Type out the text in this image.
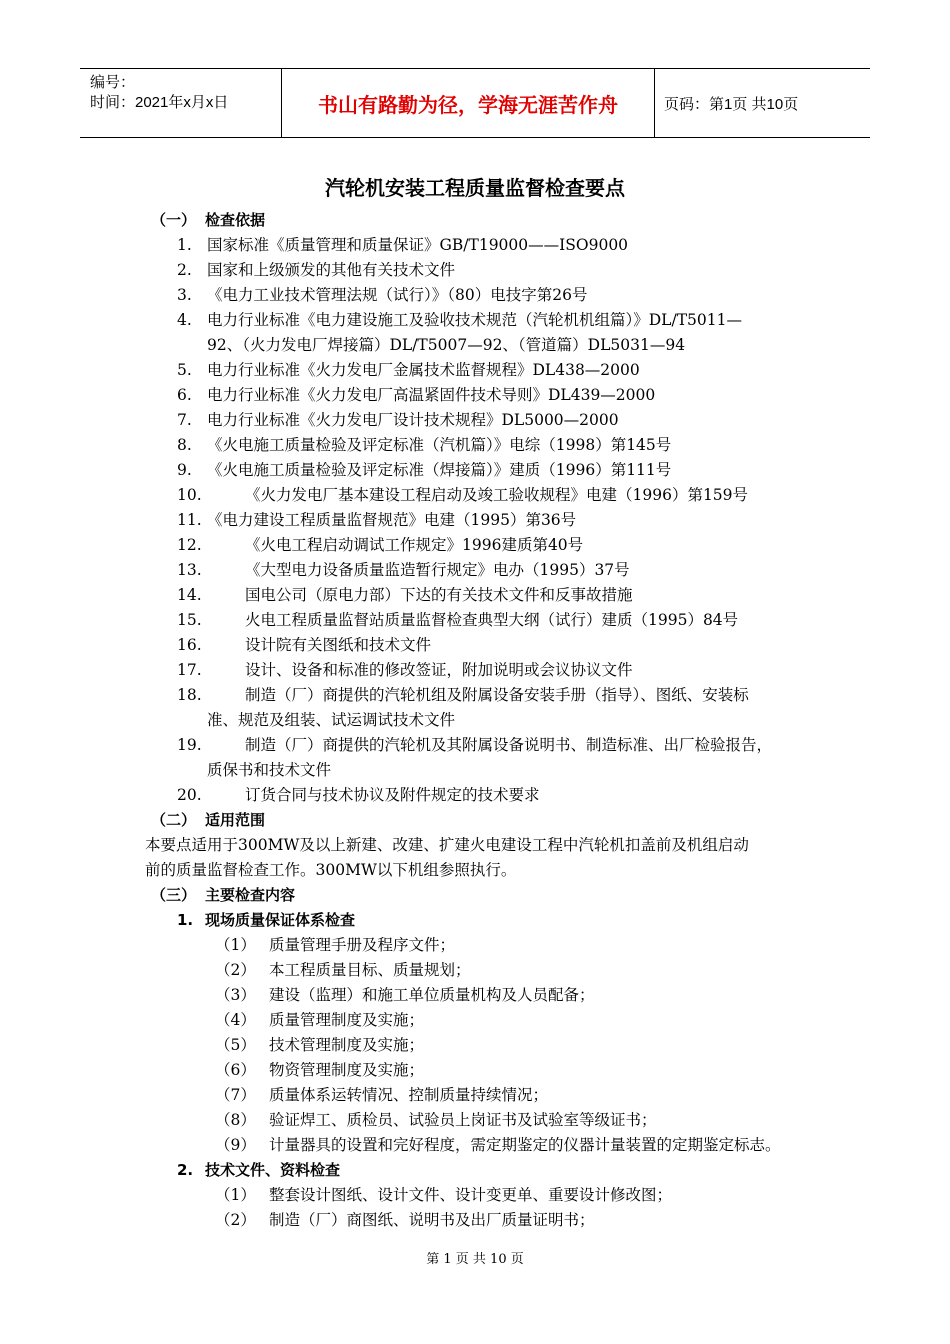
编号：
时间：2021年x月x日	书山有路勤为径，学海无涯苦作舟	页码：第1页 共10页
汽轮机安装工程质量监督检查要点
（一） 检查依据
1. 国家标准《质量管理和质量保证》GB/T19000——ISO9000
2. 国家和上级颁发的其他有关技术文件
3. 《电力工业技术管理法规（试行）》（80）电技字第26号
4. 电力行业标准《电力建设施工及验收技术规范（汽轮机机组篇）》DL/T5011—
92、（火力发电厂焊接篇）DL/T5007—92、（管道篇）DL5031—94
5. 电力行业标准《火力发电厂金属技术监督规程》DL438—2000
6. 电力行业标准《火力发电厂高温紧固件技术导则》DL439—2000
7. 电力行业标准《火力发电厂设计技术规程》DL5000—2000
8. 《火电施工质量检验及评定标准（汽机篇）》电综（1998）第145号
9. 《火电施工质量检验及评定标准（焊接篇）》建质（1996）第111号
10.	《火力发电厂基本建设工程启动及竣工验收规程》电建（1996）第159号
11. 《电力建设工程质量监督规范》电建（1995）第36号
12.	《火电工程启动调试工作规定》1996建质第40号
13.	《大型电力设备质量监造暂行规定》电办（1995）37号
14.	国电公司（原电力部）下达的有关技术文件和反事故措施
15.	火电工程质量监督站质量监督检查典型大纲（试行）建质（1995）84号
16.	设计院有关图纸和技术文件
17.	设计、设备和标准的修改签证，附加说明或会议协议文件
18.	制造（厂）商提供的汽轮机组及附属设备安装手册（指导）、图纸、安装标
准、规范及组装、试运调试技术文件
19.	制造（厂）商提供的汽轮机及其附属设备说明书、制造标准、出厂检验报告，
质保书和技术文件
20.	订货合同与技术协议及附件规定的技术要求
（二） 适用范围
本要点适用于300MW及以上新建、改建、扩建火电建设工程中汽轮机扣盖前及机组启动
前的质量监督检查工作。300MW以下机组参照执行。
（三） 主要检查内容
1. 现场质量保证体系检查
（1） 质量管理手册及程序文件；
（2） 本工程质量目标、质量规划；
（3） 建设（监理）和施工单位质量机构及人员配备；
（4） 质量管理制度及实施；
（5） 技术管理制度及实施；
（6） 物资管理制度及实施；
（7） 质量体系运转情况、控制质量持续情况；
（8） 验证焊工、质检员、试验员上岗证书及试验室等级证书；
（9） 计量器具的设置和完好程度，需定期鉴定的仪器计量装置的定期鉴定标志。
2. 技术文件、资料检查
（1） 整套设计图纸、设计文件、设计变更单、重要设计修改图；
（2） 制造（厂）商图纸、说明书及出厂质量证明书；
第 1 页 共 10 页
